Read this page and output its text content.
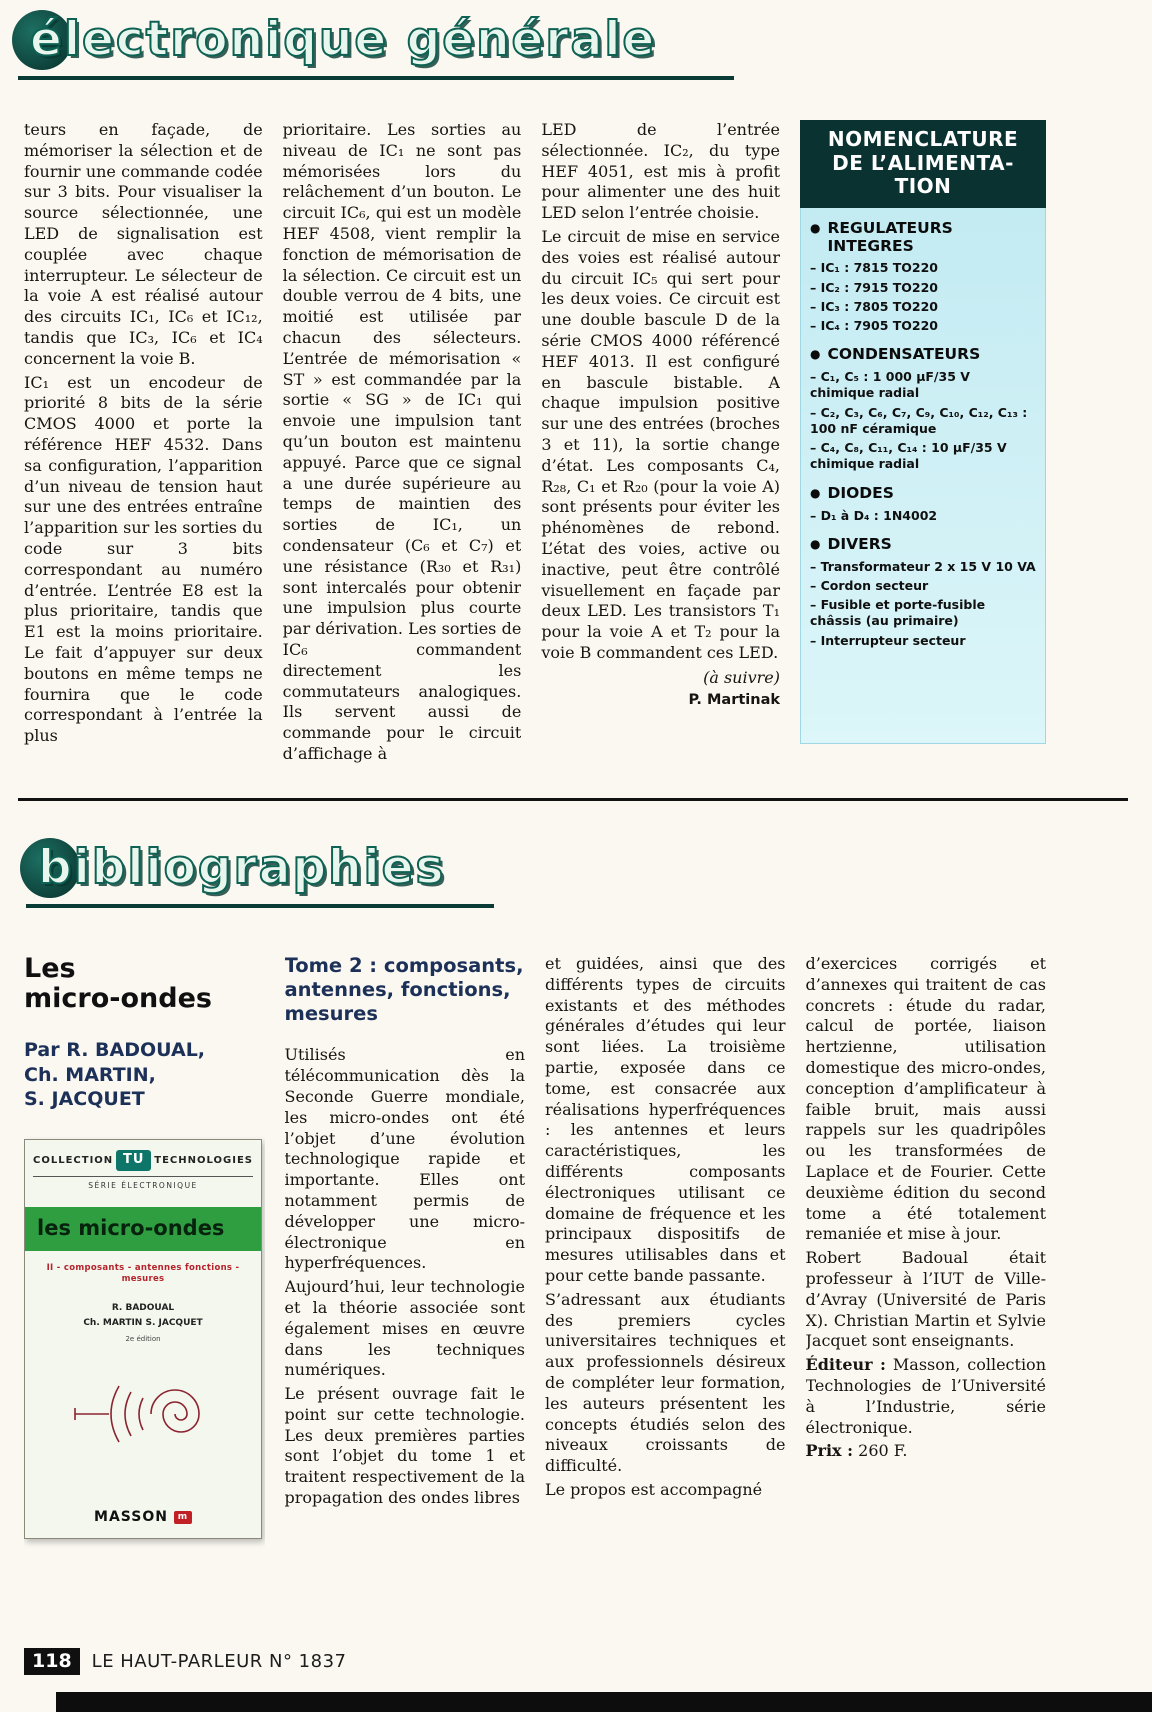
électronique générale

teurs en façade, de mémoriser la sélection et de fournir une commande codée sur 3 bits. Pour visualiser la source sélectionnée, une LED de signalisation est couplée avec chaque interrupteur. Le sélecteur de la voie A est réalisé autour des circuits IC₁, IC₆ et IC₁₂, tandis que IC₃, IC₆ et IC₄ concernent la voie B.

IC₁ est un encodeur de priorité 8 bits de la série CMOS 4000 et porte la référence HEF 4532. Dans sa configuration, l’apparition d’un niveau de tension haut sur une des entrées entraîne l’apparition sur les sorties du code sur 3 bits correspondant au numéro d’entrée. L’entrée E8 est la plus prioritaire, tandis que E1 est la moins prioritaire. Le fait d’appuyer sur deux boutons en même temps ne fournira que le code correspondant à l’entrée la plus

prioritaire. Les sorties au niveau de IC₁ ne sont pas mémorisées lors du relâchement d’un bouton. Le circuit IC₆, qui est un modèle HEF 4508, vient remplir la fonction de mémorisation de la sélection. Ce circuit est un double verrou de 4 bits, une moitié est utilisée par chacun des sélecteurs. L’entrée de mémorisation « ST » est commandée par la sortie « SG » de IC₁ qui envoie une impulsion tant qu’un bouton est maintenu appuyé. Parce que ce signal a une durée supérieure au temps de maintien des sorties de IC₁, un condensateur (C₆ et C₇) et une résistance (R₃₀ et R₃₁) sont intercalés pour obtenir une impulsion plus courte par dérivation. Les sorties de IC₆ commandent directement les commutateurs analogiques. Ils servent aussi de commande pour le circuit d’affichage à

LED de l’entrée sélectionnée. IC₂, du type HEF 4051, est mis à profit pour alimenter une des huit LED selon l’entrée choisie.

Le circuit de mise en service des voies est réalisé autour du circuit IC₅ qui sert pour les deux voies. Ce circuit est une double bascule D de la série CMOS 4000 référencé HEF 4013. Il est configuré en bascule bistable. A chaque impulsion positive sur une des entrées (broches 3 et 11), la sortie change d’état. Les composants C₄, R₂₈, C₁ et R₂₀ (pour la voie A) sont présents pour éviter les phénomènes de rebond. L’état des voies, active ou inactive, peut être contrôlé visuellement en façade par deux LED. Les transistors T₁ pour la voie A et T₂ pour la voie B commandent ces LED.

(à suivre)
P. Martinak
NOMENCLATURE
DE L’ALIMENTA-
TION
● REGULATEURS INTEGRES
– IC₁ : 7815 TO220
– IC₂ : 7915 TO220
– IC₃ : 7805 TO220
– IC₄ : 7905 TO220
● CONDENSATEURS
– C₁, C₅ : 1 000 µF/35 V chimique radial
– C₂, C₃, C₆, C₇, C₉, C₁₀, C₁₂, C₁₃ : 100 nF céramique
– C₄, C₈, C₁₁, C₁₄ : 10 µF/35 V chimique radial
● DIODES
– D₁ à D₄ : 1N4002
● DIVERS
– Transformateur 2 x 15 V 10 VA
– Cordon secteur
– Fusible et porte-fusible châssis (au primaire)
– Interrupteur secteur
bibliographies
Les
micro-ondes
Par R. BADOUAL,
Ch. MARTIN,
S. JACQUET
COLLECTION TU TECHNOLOGIES
SÉRIE ÉLECTRONIQUE
les micro-ondes
II - composants - antennes fonctions - mesures
R. BADOUAL
Ch. MARTIN S. JACQUET
2e édition
MASSON	m
Tome 2 : composants, antennes, fonctions, mesures

Utilisés en télécommunication dès la Seconde Guerre mondiale, les micro-ondes ont été l’objet d’une évolution technologique rapide et importante. Elles ont notamment permis de développer une micro-électronique en hyperfréquences.

Aujourd’hui, leur technologie et la théorie associée sont également mises en œuvre dans les techniques numériques.

Le présent ouvrage fait le point sur cette technologie. Les deux premières parties sont l’objet du tome 1 et traitent respectivement de la propagation des ondes libres

et guidées, ainsi que des différents types de circuits existants et des méthodes générales d’études qui leur sont liées. La troisième partie, exposée dans ce tome, est consacrée aux réalisations hyperfréquences : les antennes et leurs caractéristiques, les différents composants électroniques utilisant ce domaine de fréquence et les principaux dispositifs de mesures utilisables dans et pour cette bande passante.

S’adressant aux étudiants des premiers cycles universitaires techniques et aux professionnels désireux de compléter leur formation, les auteurs présentent les concepts étudiés selon des niveaux croissants de difficulté.

Le propos est accompagné

d’exercices corrigés et d’annexes qui traitent de cas concrets : étude du radar, calcul de portée, liaison hertzienne, utilisation domestique des micro-ondes, conception d’amplificateur à faible bruit, mais aussi rappels sur les quadripôles ou les transformées de Laplace et de Fourier. Cette deuxième édition du second tome a été totalement remaniée et mise à jour.

Robert Badoual était professeur à l’IUT de Ville-d’Avray (Université de Paris X). Christian Martin et Sylvie Jacquet sont enseignants.

Éditeur : Masson, collection Technologies de l’Université à l’Industrie, série électronique.

Prix : 260 F.

118	LE HAUT-PARLEUR N° 1837
